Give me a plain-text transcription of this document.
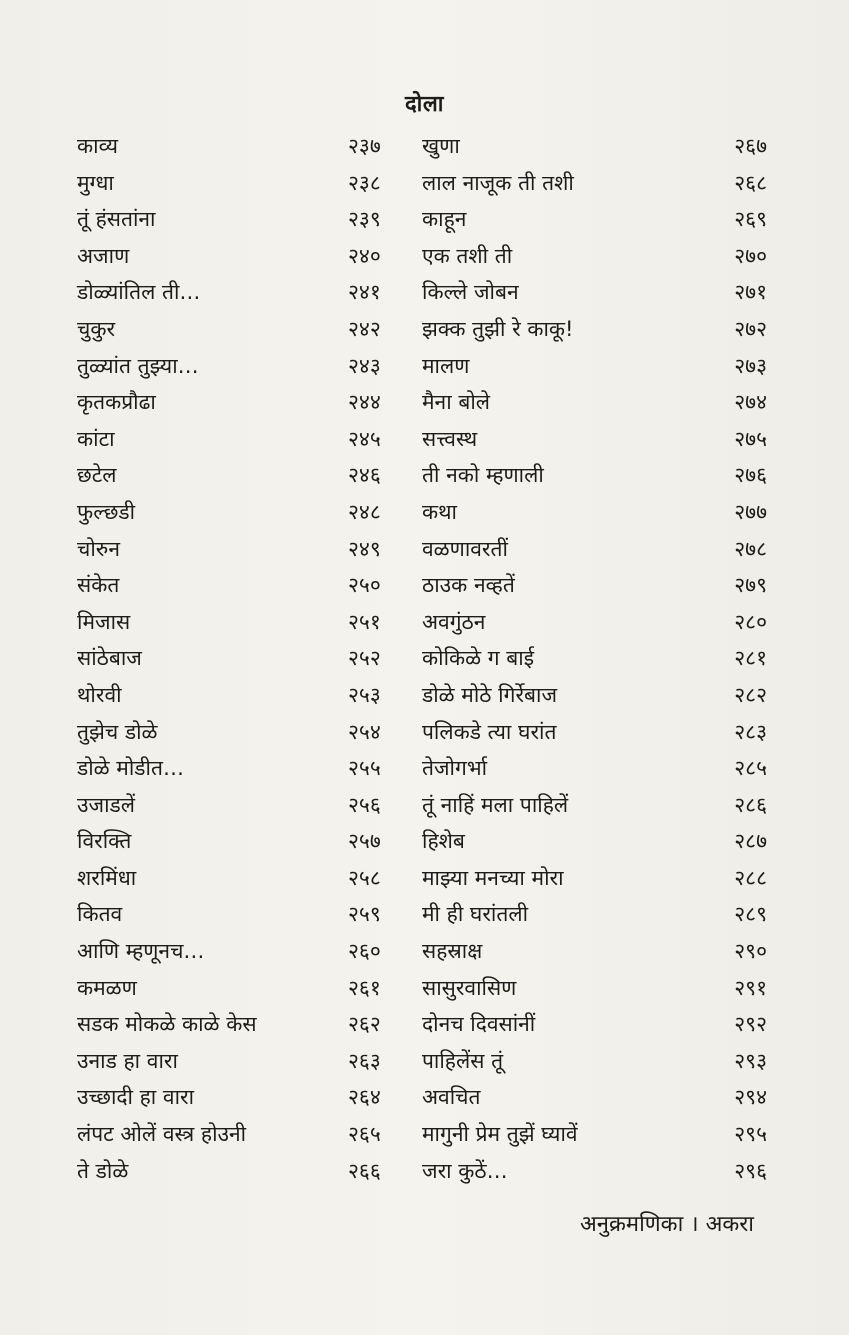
दोला
काव्य	२३७	खुणा	२६७
मुग्धा	२३८	लाल नाजूक ती तशी	२६८
तूं हंसतांना	२३९	काहून	२६९
अजाण	२४०	एक तशी ती	२७०
डोळ्यांतिल ती…	२४१	किल्ले जोबन	२७१
चुकुर	२४२	झक्क तुझी रे काकू!	२७२
तुळ्यांत तुझ्या…	२४३	मालण	२७३
कृतकप्रौढा	२४४	मैना बोले	२७४
कांटा	२४५	सत्त्वस्थ	२७५
छटेल	२४६	ती नको म्हणाली	२७६
फुल्छडी	२४८	कथा	२७७
चोरुन	२४९	वळणावरतीं	२७८
संकेत	२५०	ठाउक नव्हतें	२७९
मिजास	२५१	अवगुंठन	२८०
सांठेबाज	२५२	कोकिळे ग बाई	२८१
थोरवी	२५३	डोळे मोठे गिर्रेबाज	२८२
तुझेच डोळे	२५४	पलिकडे त्या घरांत	२८३
डोळे मोडीत…	२५५	तेजोगर्भा	२८५
उजाडलें	२५६	तूं नाहिं मला पाहिलें	२८६
विरक्ति	२५७	हिशेब	२८७
शरमिंधा	२५८	माझ्या मनच्या मोरा	२८८
कितव	२५९	मी ही घरांतली	२८९
आणि म्हणूनच…	२६०	सहस्राक्ष	२९०
कमळण	२६१	सासुरवासिण	२९१
सडक मोकळे काळे केस	२६२	दोनच दिवसांनीं	२९२
उनाड हा वारा	२६३	पाहिलेंस तूं	२९३
उच्छादी हा वारा	२६४	अवचित	२९४
लंपट ओलें वस्त्र होउनी	२६५	मागुनी प्रेम तुझें घ्यावें	२९५
ते डोळे	२६६	जरा कुठें…	२९६
अनुक्रमणिका । अकरा
